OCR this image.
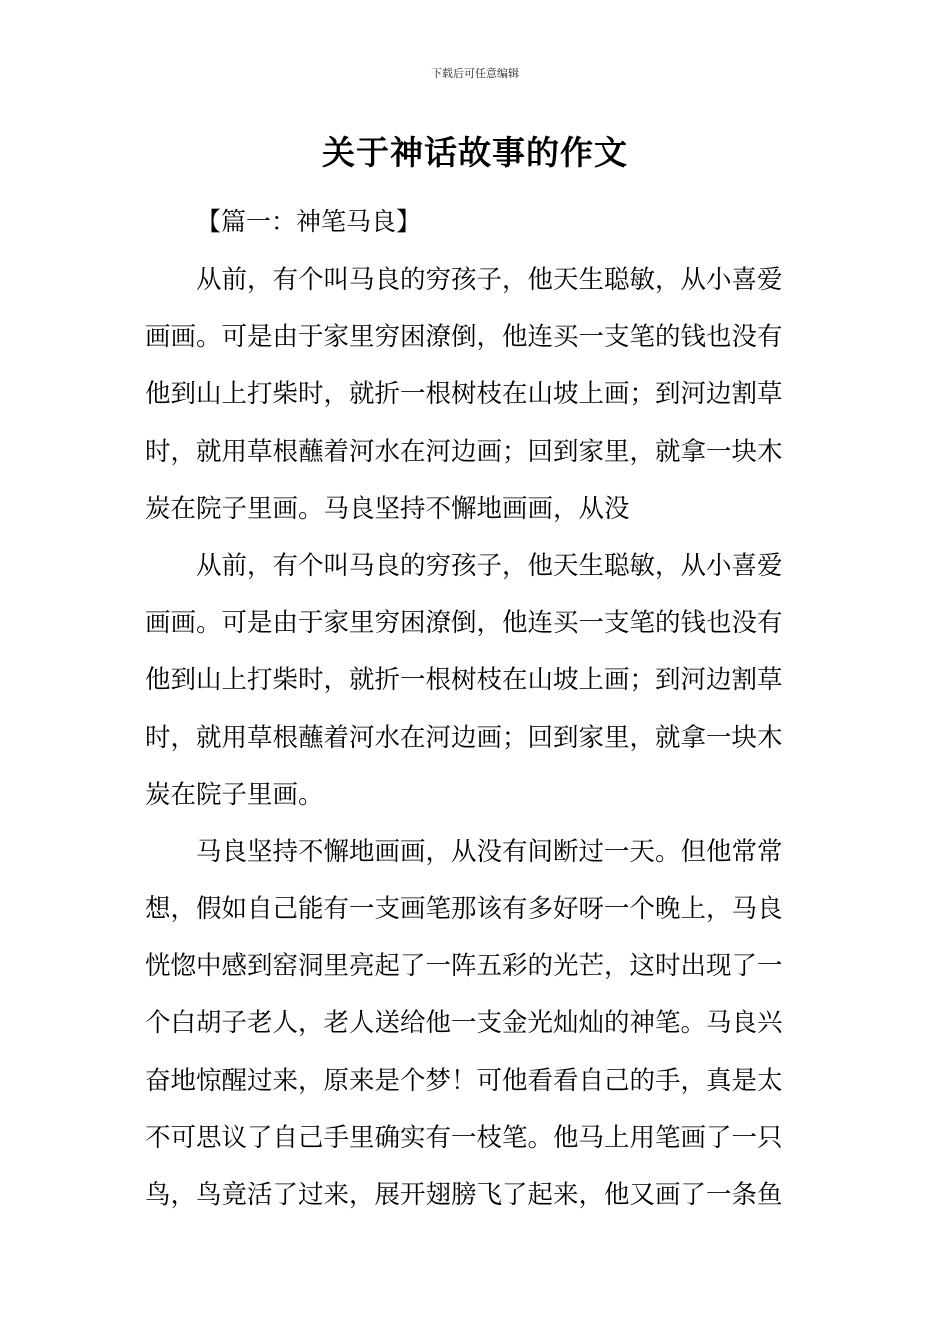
下载后可任意编辑
关于神话故事的作文
【篇一：神笔马良】
从前，有个叫马良的穷孩子，他天生聪敏，从小喜爱
画画。可是由于家里穷困潦倒，他连买一支笔的钱也没有
他到山上打柴时，就折一根树枝在山坡上画；到河边割草
时，就用草根蘸着河水在河边画；回到家里，就拿一块木
炭在院子里画。马良坚持不懈地画画，从没
从前，有个叫马良的穷孩子，他天生聪敏，从小喜爱
画画。可是由于家里穷困潦倒，他连买一支笔的钱也没有
他到山上打柴时，就折一根树枝在山坡上画；到河边割草
时，就用草根蘸着河水在河边画；回到家里，就拿一块木
炭在院子里画。
马良坚持不懈地画画，从没有间断过一天。但他常常
想，假如自己能有一支画笔那该有多好呀一个晚上，马良
恍惚中感到窑洞里亮起了一阵五彩的光芒，这时出现了一
个白胡子老人，老人送给他一支金光灿灿的神笔。马良兴
奋地惊醒过来，原来是个梦！可他看看自己的手，真是太
不可思议了自己手里确实有一枝笔。他马上用笔画了一只
鸟，鸟竟活了过来，展开翅膀飞了起来，他又画了一条鱼
